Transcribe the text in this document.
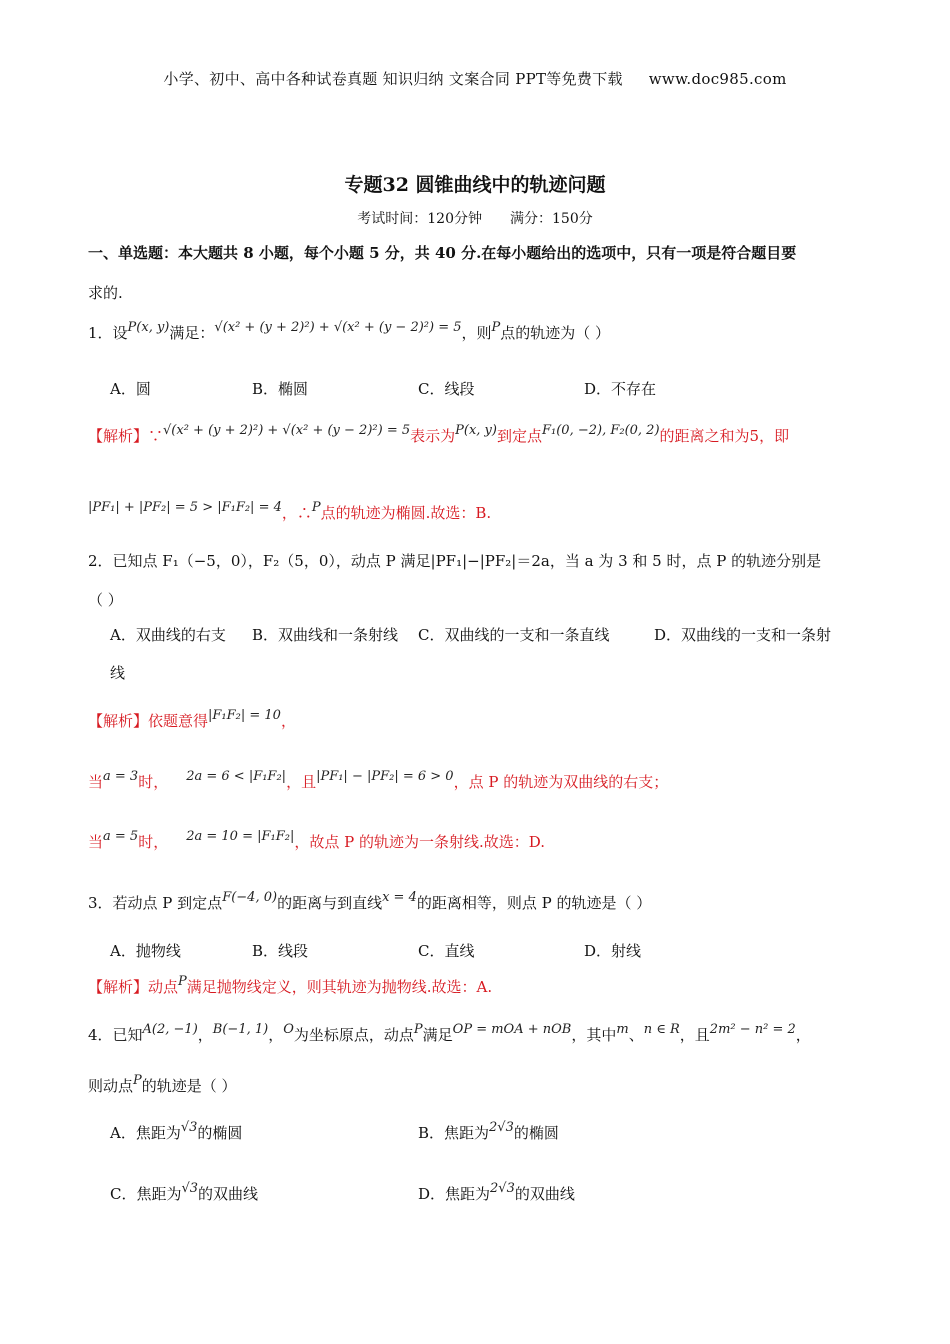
小学、初中、高中各种试卷真题 知识归纳 文案合同 PPT等免费下载 www.doc985.com
专题32 圆锥曲线中的轨迹问题
考试时间：120分钟 满分：150分
一、单选题：本大题共 8 小题，每个小题 5 分，共 40 分.在每小题给出的选项中，只有一项是符合题目要
求的.
1．设P(x, y)满足：√(x² + (y + 2)²) + √(x² + (y − 2)²) = 5，则P点的轨迹为（ ）
A．圆	B．椭圆	C．线段	D．不存在
【解析】∵√(x² + (y + 2)²) + √(x² + (y − 2)²) = 5表示为P(x, y)到定点F₁(0, −2), F₂(0, 2)的距离之和为5，即
|PF₁| + |PF₂| = 5 > |F₁F₂| = 4，∴P点的轨迹为椭圆.故选：B.
2．已知点 F₁（−5，0），F₂（5，0），动点 P 满足|PF₁|−|PF₂|＝2a，当 a 为 3 和 5 时，点 P 的轨迹分别是
（ ）
A．双曲线的右支 B．双曲线和一条射线 C．双曲线的一支和一条直线	D．双曲线的一支和一条射
线
【解析】依题意得|F₁F₂| = 10，
当a = 3时， 2a = 6 < |F₁F₂|，且|PF₁| − |PF₂| = 6 > 0，点 P 的轨迹为双曲线的右支；
当a = 5时， 2a = 10 = |F₁F₂|，故点 P 的轨迹为一条射线.故选：D.
3．若动点 P 到定点F(−4, 0)的距离与到直线x = 4的距离相等，则点 P 的轨迹是（ ）
A．抛物线	B．线段	C．直线	D．射线
【解析】动点P满足抛物线定义，则其轨迹为抛物线.故选：A.
4．已知A(2, −1)，B(−1, 1)，O为坐标原点，动点P满足OP = mOA + nOB，其中m、n ∈ R，且2m² − n² = 2，
则动点P的轨迹是（ ）
A．焦距为√3的椭圆	B．焦距为2√3的椭圆
C．焦距为√3的双曲线	D．焦距为2√3的双曲线
